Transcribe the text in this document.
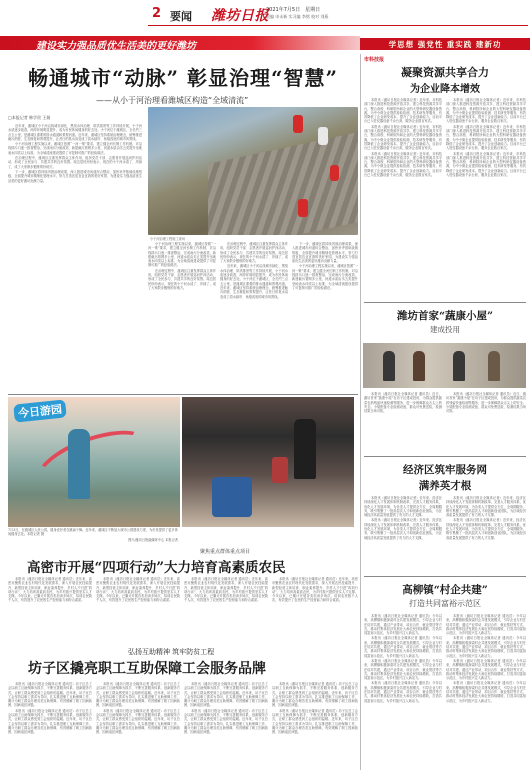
2 要闻 潍坊日报
2021年7月5日　星期日
责编 申永新 实习编 李铭 校对 刘燕
建设实力强品质优生活美的更好潍坊	学思想 强党性 重实践 建新功
畅通城市“动脉” 彰显治理“智慧”
——从小于河治理看潍城区构造“全域清流”
□本报记者 韩学贵 王娟

近年来，潍城区小于河沿线城市绿化、黑臭水体治理、防洪排涝等工作持续开展，小于河水质逐步改善，两岸环境明显提升，成为市民休闲健身的好去处。小于河位于潍城区，全长约三点五公里，是潍城区重要的排水通道和景观河道。近年来，潍城区坚持系统治理理念，统筹推进截污纳管、生态修复和景观提升，让昔日的臭水沟变成了清水绿岸、鱼翔浅底的城市风景线。

小于河治理工程实施以来，潍城区按照“一河一策”要求，建立健全河长制工作机制，对沿线排污口逐一排查整治，完成雨污分流改造，新建截污管网多公里，河道水质由劣五类提升至地表水四类以上标准，为全域清流建设提供了可复制可推广的经验做法。

在治理过程中，潍城区注重发挥群众主体作用，组织党员干部、志愿者开展巡河护河活动，形成了全民参与、共建共享的良好氛围。周边居民纷纷表示，现在的小于河水清了、岸绿了，成了大家散步锻炼的好地方。

下一步，潍城区将持续巩固治理成果，深入推进城市河道综合整治，加快补齐基础设施短板，全面提升城市精细化管理水平，努力打造宜居宜业宜游的美好家园，为建设实力强品质优生活美的更好潍坊贡献力量。

小于河治理工程施工现场

小于河治理工程实施以来，潍城区按照“一河一策”要求，建立健全河长制工作机制，对沿线排污口逐一排查整治，完成雨污分流改造，新建截污管网多公里，河道水质由劣五类提升至地表水四类以上标准，为全域清流建设提供了可复制可推广的经验做法。

在治理过程中，潍城区注重发挥群众主体作用，组织党员干部、志愿者开展巡河护河活动，形成了全民参与、共建共享的良好氛围。周边居民纷纷表示，现在的小于河水清了、岸绿了，成了大家散步锻炼的好地方。

在治理过程中，潍城区注重发挥群众主体作用，组织党员干部、志愿者开展巡河护河活动，形成了全民参与、共建共享的良好氛围。周边居民纷纷表示，现在的小于河水清了、岸绿了，成了大家散步锻炼的好地方。

近年来，潍城区小于河沿线城市绿化、黑臭水体治理、防洪排涝等工作持续开展，小于河水质逐步改善，两岸环境明显提升，成为市民休闲健身的好去处。小于河位于潍城区，全长约三点五公里，是潍城区重要的排水通道和景观河道。近年来，潍城区坚持系统治理理念，统筹推进截污纳管、生态修复和景观提升，让昔日的臭水沟变成了清水绿岸、鱼翔浅底的城市风景线。

下一步，潍城区将持续巩固治理成果，深入推进城市河道综合整治，加快补齐基础设施短板，全面提升城市精细化管理水平，努力打造宜居宜业宜游的美好家园，为建设实力强品质优生活美的更好潍坊贡献力量。

小于河治理工程实施以来，潍城区按照“一河一策”要求，建立健全河长制工作机制，对沿线排污口逐一排查整治，完成雨污分流改造，新建截污管网多公里，河道水质由劣五类提升至地表水四类以上标准，为全域清流建设提供了可复制可推广的经验做法。

今日游园
7月3日，在潍城区人民公园，健身爱好者在跳扇子舞。近年来，潍城区不断加大城市公园建设力度，为市民提供了更多休闲健身去处。本报记者 摄
图片/潍坊日报融媒体中心 本报记者
聚焦重点群体重点项目
高密市开展“四项行动”大力培育高素质农民

本报讯（潍坊日报社全媒体记者 通讯员）近年来，高密市聚焦农业农村现代化发展需求，深入开展农民技能提升、新型经营主体培育、职业素养提升、乡村人才引进“四项行动”，大力培育高素质农民，为乡村振兴提供坚实人才支撑。今年以来，已累计开展各类培训多场次，培训农民数千人次，有效提升了农民的生产经营能力和综合素质。

本报讯（潍坊日报社全媒体记者 通讯员）近年来，高密市聚焦农业农村现代化发展需求，深入开展农民技能提升、新型经营主体培育、职业素养提升、乡村人才引进“四项行动”，大力培育高素质农民，为乡村振兴提供坚实人才支撑。今年以来，已累计开展各类培训多场次，培训农民数千人次，有效提升了农民的生产经营能力和综合素质。

本报讯（潍坊日报社全媒体记者 通讯员）近年来，高密市聚焦农业农村现代化发展需求，深入开展农民技能提升、新型经营主体培育、职业素养提升、乡村人才引进“四项行动”，大力培育高素质农民，为乡村振兴提供坚实人才支撑。今年以来，已累计开展各类培训多场次，培训农民数千人次，有效提升了农民的生产经营能力和综合素质。

本报讯（潍坊日报社全媒体记者 通讯员）近年来，高密市聚焦农业农村现代化发展需求，深入开展农民技能提升、新型经营主体培育、职业素养提升、乡村人才引进“四项行动”，大力培育高素质农民，为乡村振兴提供坚实人才支撑。今年以来，已累计开展各类培训多场次，培训农民数千人次，有效提升了农民的生产经营能力和综合素质。

弘扬互助精神 筑牢防贫工程
坊子区撬亮职工互助保障工会服务品牌

本报讯（潍坊日报社全媒体记者 通讯员）坊子区总工会以职工互助保障为抓手，不断完善服务体系，创新服务方式，让职工群众感受到工会组织的温暖。近年来，坊子区总工会坚持以职工需求为导向，扎实推进职工互助保障工作，累计为职工群众办理各类互助保障，有效缓解了职工因病致困、因病返贫问题。

本报讯（潍坊日报社全媒体记者 通讯员）坊子区总工会以职工互助保障为抓手，不断完善服务体系，创新服务方式，让职工群众感受到工会组织的温暖。近年来，坊子区总工会坚持以职工需求为导向，扎实推进职工互助保障工作，累计为职工群众办理各类互助保障，有效缓解了职工因病致困、因病返贫问题。

本报讯（潍坊日报社全媒体记者 通讯员）坊子区总工会以职工互助保障为抓手，不断完善服务体系，创新服务方式，让职工群众感受到工会组织的温暖。近年来，坊子区总工会坚持以职工需求为导向，扎实推进职工互助保障工作，累计为职工群众办理各类互助保障，有效缓解了职工因病致困、因病返贫问题。

本报讯（潍坊日报社全媒体记者 通讯员）坊子区总工会以职工互助保障为抓手，不断完善服务体系，创新服务方式，让职工群众感受到工会组织的温暖。近年来，坊子区总工会坚持以职工需求为导向，扎实推进职工互助保障工作，累计为职工群众办理各类互助保障，有效缓解了职工因病致困、因病返贫问题。

本报讯（潍坊日报社全媒体记者 通讯员）坊子区总工会以职工互助保障为抓手，不断完善服务体系，创新服务方式，让职工群众感受到工会组织的温暖。近年来，坊子区总工会坚持以职工需求为导向，扎实推进职工互助保障工作，累计为职工群众办理各类互助保障，有效缓解了职工因病致困、因病返贫问题。

本报讯（潍坊日报社全媒体记者 通讯员）坊子区总工会以职工互助保障为抓手，不断完善服务体系，创新服务方式，让职工群众感受到工会组织的温暖。近年来，坊子区总工会坚持以职工需求为导向，扎实推进职工互助保障工作，累计为职工群众办理各类互助保障，有效缓解了职工因病致困、因病返贫问题。

本报讯（潍坊日报社全媒体记者 通讯员）坊子区总工会以职工互助保障为抓手，不断完善服务体系，创新服务方式，让职工群众感受到工会组织的温暖。近年来，坊子区总工会坚持以职工需求为导向，扎实推进职工互助保障工作，累计为职工群众办理各类互助保障，有效缓解了职工因病致困、因病返贫问题。

本报讯（潍坊日报社全媒体记者 通讯员）坊子区总工会以职工互助保障为抓手，不断完善服务体系，创新服务方式，让职工群众感受到工会组织的温暖。近年来，坊子区总工会坚持以职工需求为导向，扎实推进职工互助保障工作，累计为职工群众办理各类互助保障，有效缓解了职工因病致困、因病返贫问题。

市科技报
凝聚资源共享合力
为企业降本增效

本报讯（潍坊日报社全媒体记者）近年来，市科技部门深入推进科技资源开放共享，建立科技资源共享平台，整合高校、科研院所和企业的大型科研仪器设备资源，为中小微企业提供检验检测、技术研发等服务，有效降低了企业研发成本，提升了企业创新能力。目前平台已入驻仪器设备千余台套，服务企业数百家次。

本报讯（潍坊日报社全媒体记者）近年来，市科技部门深入推进科技资源开放共享，建立科技资源共享平台，整合高校、科研院所和企业的大型科研仪器设备资源，为中小微企业提供检验检测、技术研发等服务，有效降低了企业研发成本，提升了企业创新能力。目前平台已入驻仪器设备千余台套，服务企业数百家次。

本报讯（潍坊日报社全媒体记者）近年来，市科技部门深入推进科技资源开放共享，建立科技资源共享平台，整合高校、科研院所和企业的大型科研仪器设备资源，为中小微企业提供检验检测、技术研发等服务，有效降低了企业研发成本，提升了企业创新能力。目前平台已入驻仪器设备千余台套，服务企业数百家次。

本报讯（潍坊日报社全媒体记者）近年来，市科技部门深入推进科技资源开放共享，建立科技资源共享平台，整合高校、科研院所和企业的大型科研仪器设备资源，为中小微企业提供检验检测、技术研发等服务，有效降低了企业研发成本，提升了企业创新能力。目前平台已入驻仪器设备千余台套，服务企业数百家次。

本报讯（潍坊日报社全媒体记者）近年来，市科技部门深入推进科技资源开放共享，建立科技资源共享平台，整合高校、科研院所和企业的大型科研仪器设备资源，为中小微企业提供检验检测、技术研发等服务，有效降低了企业研发成本，提升了企业创新能力。目前平台已入驻仪器设备千余台套，服务企业数百家次。

本报讯（潍坊日报社全媒体记者）近年来，市科技部门深入推进科技资源开放共享，建立科技资源共享平台，整合高校、科研院所和企业的大型科研仪器设备资源，为中小微企业提供检验检测、技术研发等服务，有效降低了企业研发成本，提升了企业创新能力。目前平台已入驻仪器设备千余台套，服务企业数百家次。

潍坊首家“蔬康小屋”
建成投用

本报讯（潍坊日报社全媒体记者 通讯员）近日，潍坊首家“蔬康小屋”在坊子区建成投用，为群众提供蔬菜农药残留快速检测等服务，进一步保障群众舌尖上的安全。小屋配备专业检测设备，群众可免费送检，检测结果当场可知。

本报讯（潍坊日报社全媒体记者 通讯员）近日，潍坊首家“蔬康小屋”在坊子区建成投用，为群众提供蔬菜农药残留快速检测等服务，进一步保障群众舌尖上的安全。小屋配备专业检测设备，群众可免费送检，检测结果当场可知。

经济区筑牢服务网
满养英才根

本报讯（潍坊日报社全媒体记者）近年来，经济区持续深化人才发展体制机制改革，完善人才服务体系，优化人才发展环境，为各类人才提供全方位、全周期服务，吸引集聚了一批高层次人才和创新创业团队，为区域经济高质量发展提供了有力的人才支撑。

本报讯（潍坊日报社全媒体记者）近年来，经济区持续深化人才发展体制机制改革，完善人才服务体系，优化人才发展环境，为各类人才提供全方位、全周期服务，吸引集聚了一批高层次人才和创新创业团队，为区域经济高质量发展提供了有力的人才支撑。

本报讯（潍坊日报社全媒体记者）近年来，经济区持续深化人才发展体制机制改革，完善人才服务体系，优化人才发展环境，为各类人才提供全方位、全周期服务，吸引集聚了一批高层次人才和创新创业团队，为区域经济高质量发展提供了有力的人才支撑。

本报讯（潍坊日报社全媒体记者）近年来，经济区持续深化人才发展体制机制改革，完善人才服务体系，优化人才发展环境，为各类人才提供全方位、全周期服务，吸引集聚了一批高层次人才和创新创业团队，为区域经济高质量发展提供了有力的人才支撑。

高柳镇“村企共建”
打造共同富裕示范区

本报讯（潍坊日报社全媒体记者 通讯员）今年以来，高柳镇积极探索村企共建发展模式，引导企业与村庄结对共建，通过产业带动、项目合作、就业帮扶等方式，推动村集体经济发展壮大和农民持续增收，打造共同富裕示范区，为乡村振兴注入新活力。

本报讯（潍坊日报社全媒体记者 通讯员）今年以来，高柳镇积极探索村企共建发展模式，引导企业与村庄结对共建，通过产业带动、项目合作、就业帮扶等方式，推动村集体经济发展壮大和农民持续增收，打造共同富裕示范区，为乡村振兴注入新活力。

本报讯（潍坊日报社全媒体记者 通讯员）今年以来，高柳镇积极探索村企共建发展模式，引导企业与村庄结对共建，通过产业带动、项目合作、就业帮扶等方式，推动村集体经济发展壮大和农民持续增收，打造共同富裕示范区，为乡村振兴注入新活力。

本报讯（潍坊日报社全媒体记者 通讯员）今年以来，高柳镇积极探索村企共建发展模式，引导企业与村庄结对共建，通过产业带动、项目合作、就业帮扶等方式，推动村集体经济发展壮大和农民持续增收，打造共同富裕示范区，为乡村振兴注入新活力。

本报讯（潍坊日报社全媒体记者 通讯员）今年以来，高柳镇积极探索村企共建发展模式，引导企业与村庄结对共建，通过产业带动、项目合作、就业帮扶等方式，推动村集体经济发展壮大和农民持续增收，打造共同富裕示范区，为乡村振兴注入新活力。

本报讯（潍坊日报社全媒体记者 通讯员）今年以来，高柳镇积极探索村企共建发展模式，引导企业与村庄结对共建，通过产业带动、项目合作、就业帮扶等方式，推动村集体经济发展壮大和农民持续增收，打造共同富裕示范区，为乡村振兴注入新活力。

本报讯（潍坊日报社全媒体记者 通讯员）今年以来，高柳镇积极探索村企共建发展模式，引导企业与村庄结对共建，通过产业带动、项目合作、就业帮扶等方式，推动村集体经济发展壮大和农民持续增收，打造共同富裕示范区，为乡村振兴注入新活力。

本报讯（潍坊日报社全媒体记者 通讯员）今年以来，高柳镇积极探索村企共建发展模式，引导企业与村庄结对共建，通过产业带动、项目合作、就业帮扶等方式，推动村集体经济发展壮大和农民持续增收，打造共同富裕示范区，为乡村振兴注入新活力。
